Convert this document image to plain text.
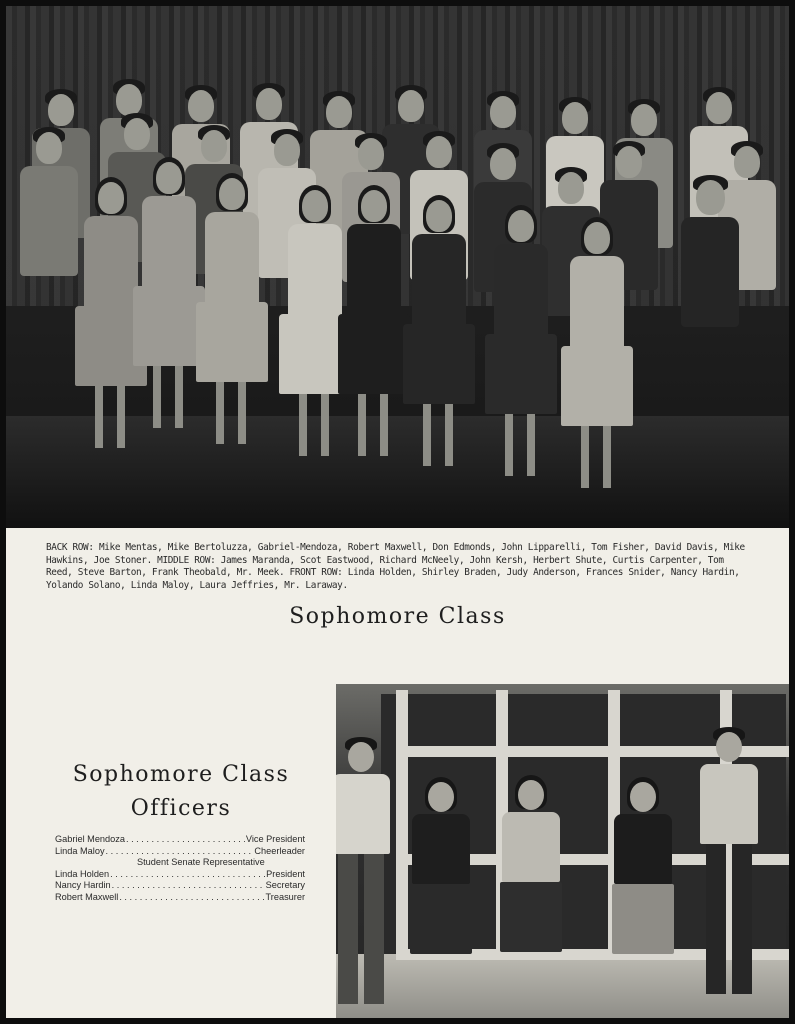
BACK ROW: Mike Mentas, Mike Bertoluzza, Gabriel-Mendoza, Robert Maxwell, Don Edmonds, John Lipparelli, Tom Fisher, David Davis, Mike Hawkins, Joe Stoner. MIDDLE ROW: James Maranda, Scot Eastwood, Richard McNeely, John Kersh, Herbert Shute, Curtis Carpenter, Tom Reed, Steve Barton, Frank Theobald, Mr. Meek. FRONT ROW: Linda Holden, Shirley Braden, Judy Anderson, Frances Snider, Nancy Hardin, Yolando Solano, Linda Maloy, Laura Jeffries, Mr. Laraway.

Sophomore Class
Sophomore Class
Officers
Gabriel Mendoza . . .	Vice President
Linda Maloy . . .	Cheerleader
Student Senate Representative
Linda Holden . . .	President
Nancy Hardin . . .	Secretary
Robert Maxwell . . .	Treasurer
